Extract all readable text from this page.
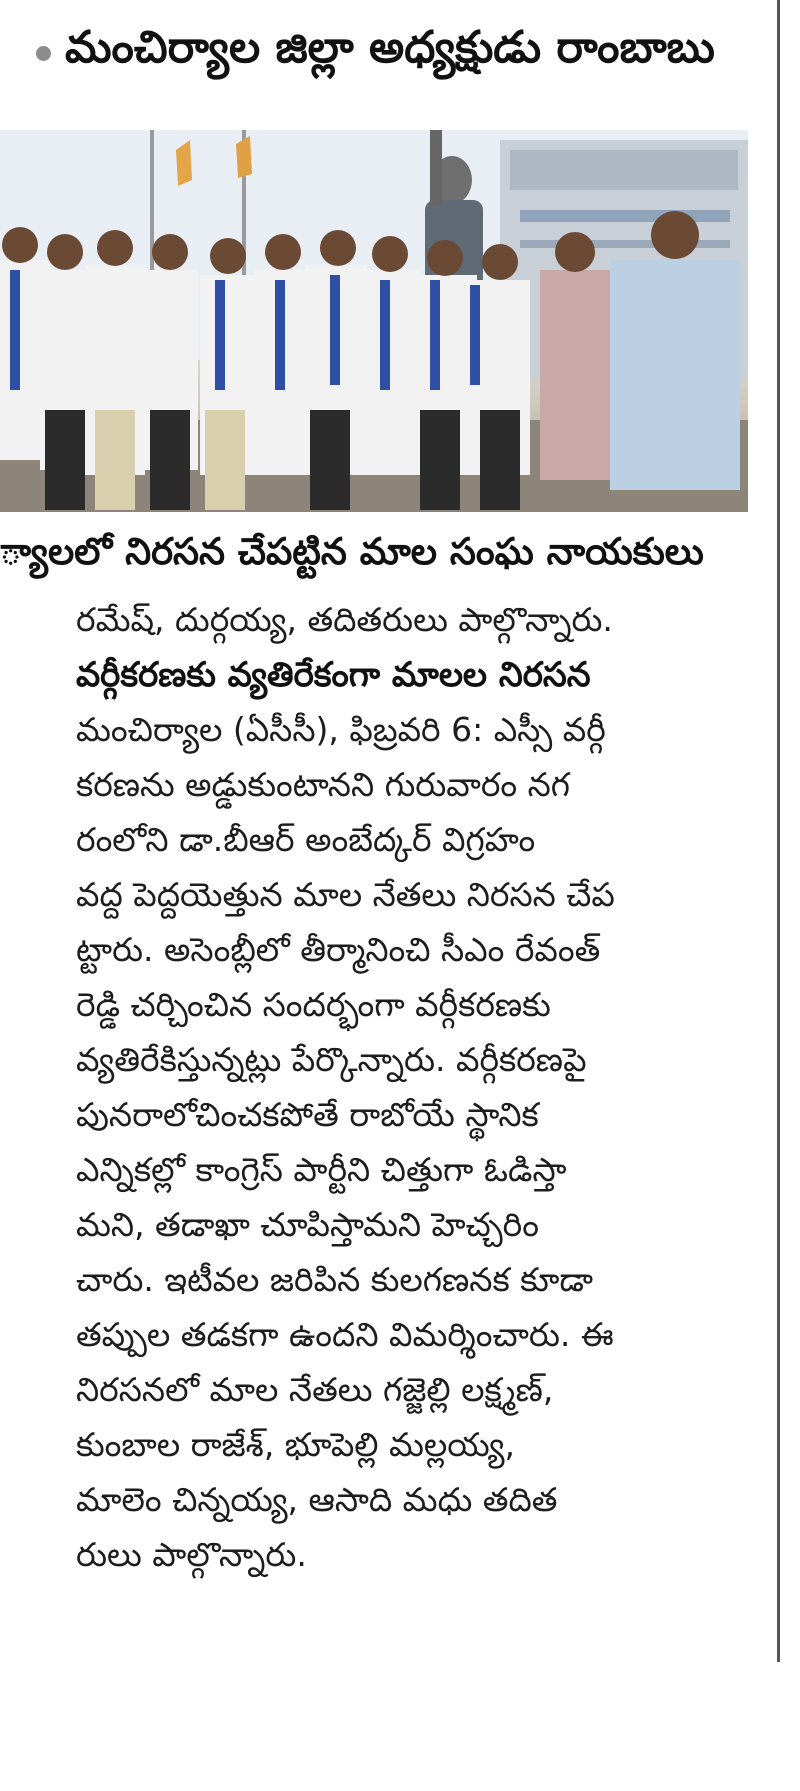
మంచిర్యాల జిల్లా అధ్యక్షుడు రాంబాబు
్యాలలో నిరసన చేపట్టిన మాల సంఘ నాయకులు
రమేష్, దుర్గయ్య, తదితరులు పాల్గొన్నారు.
వర్గీకరణకు వ్యతిరేకంగా మాలల నిరసన
మంచిర్యాల (ఏసీసీ), ఫిబ్రవరి 6: ఎస్సీ వర్గీ
కరణను అడ్డుకుంటానని గురువారం నగ
రంలోని డా.బీఆర్ అంబేద్కర్ విగ్రహం
వద్ద పెద్దయెత్తున మాల నేతలు నిరసన చేప
ట్టారు. అసెంబ్లీలో తీర్మానించి సీఎం రేవంత్
రెడ్డి చర్చించిన సందర్భంగా వర్గీకరణకు
వ్యతిరేకిస్తున్నట్లు పేర్కొన్నారు. వర్గీకరణపై
పునరాలోచించకపోతే రాబోయే స్థానిక
ఎన్నికల్లో కాంగ్రెస్ పార్టీని చిత్తుగా ఓడిస్తా
మని, తడాఖా చూపిస్తామని హెచ్చరిం
చారు. ఇటీవల జరిపిన కులగణనక కూడా
తప్పుల తడకగా ఉందని విమర్శించారు. ఈ
నిరసనలో మాల నేతలు గజ్జెల్లి లక్ష్మణ్,
కుంబాల రాజేశ్, భూపెల్లి మల్లయ్య,
మాలెం చిన్నయ్య, ఆసాది మధు తదిత
రులు పాల్గొన్నారు.
